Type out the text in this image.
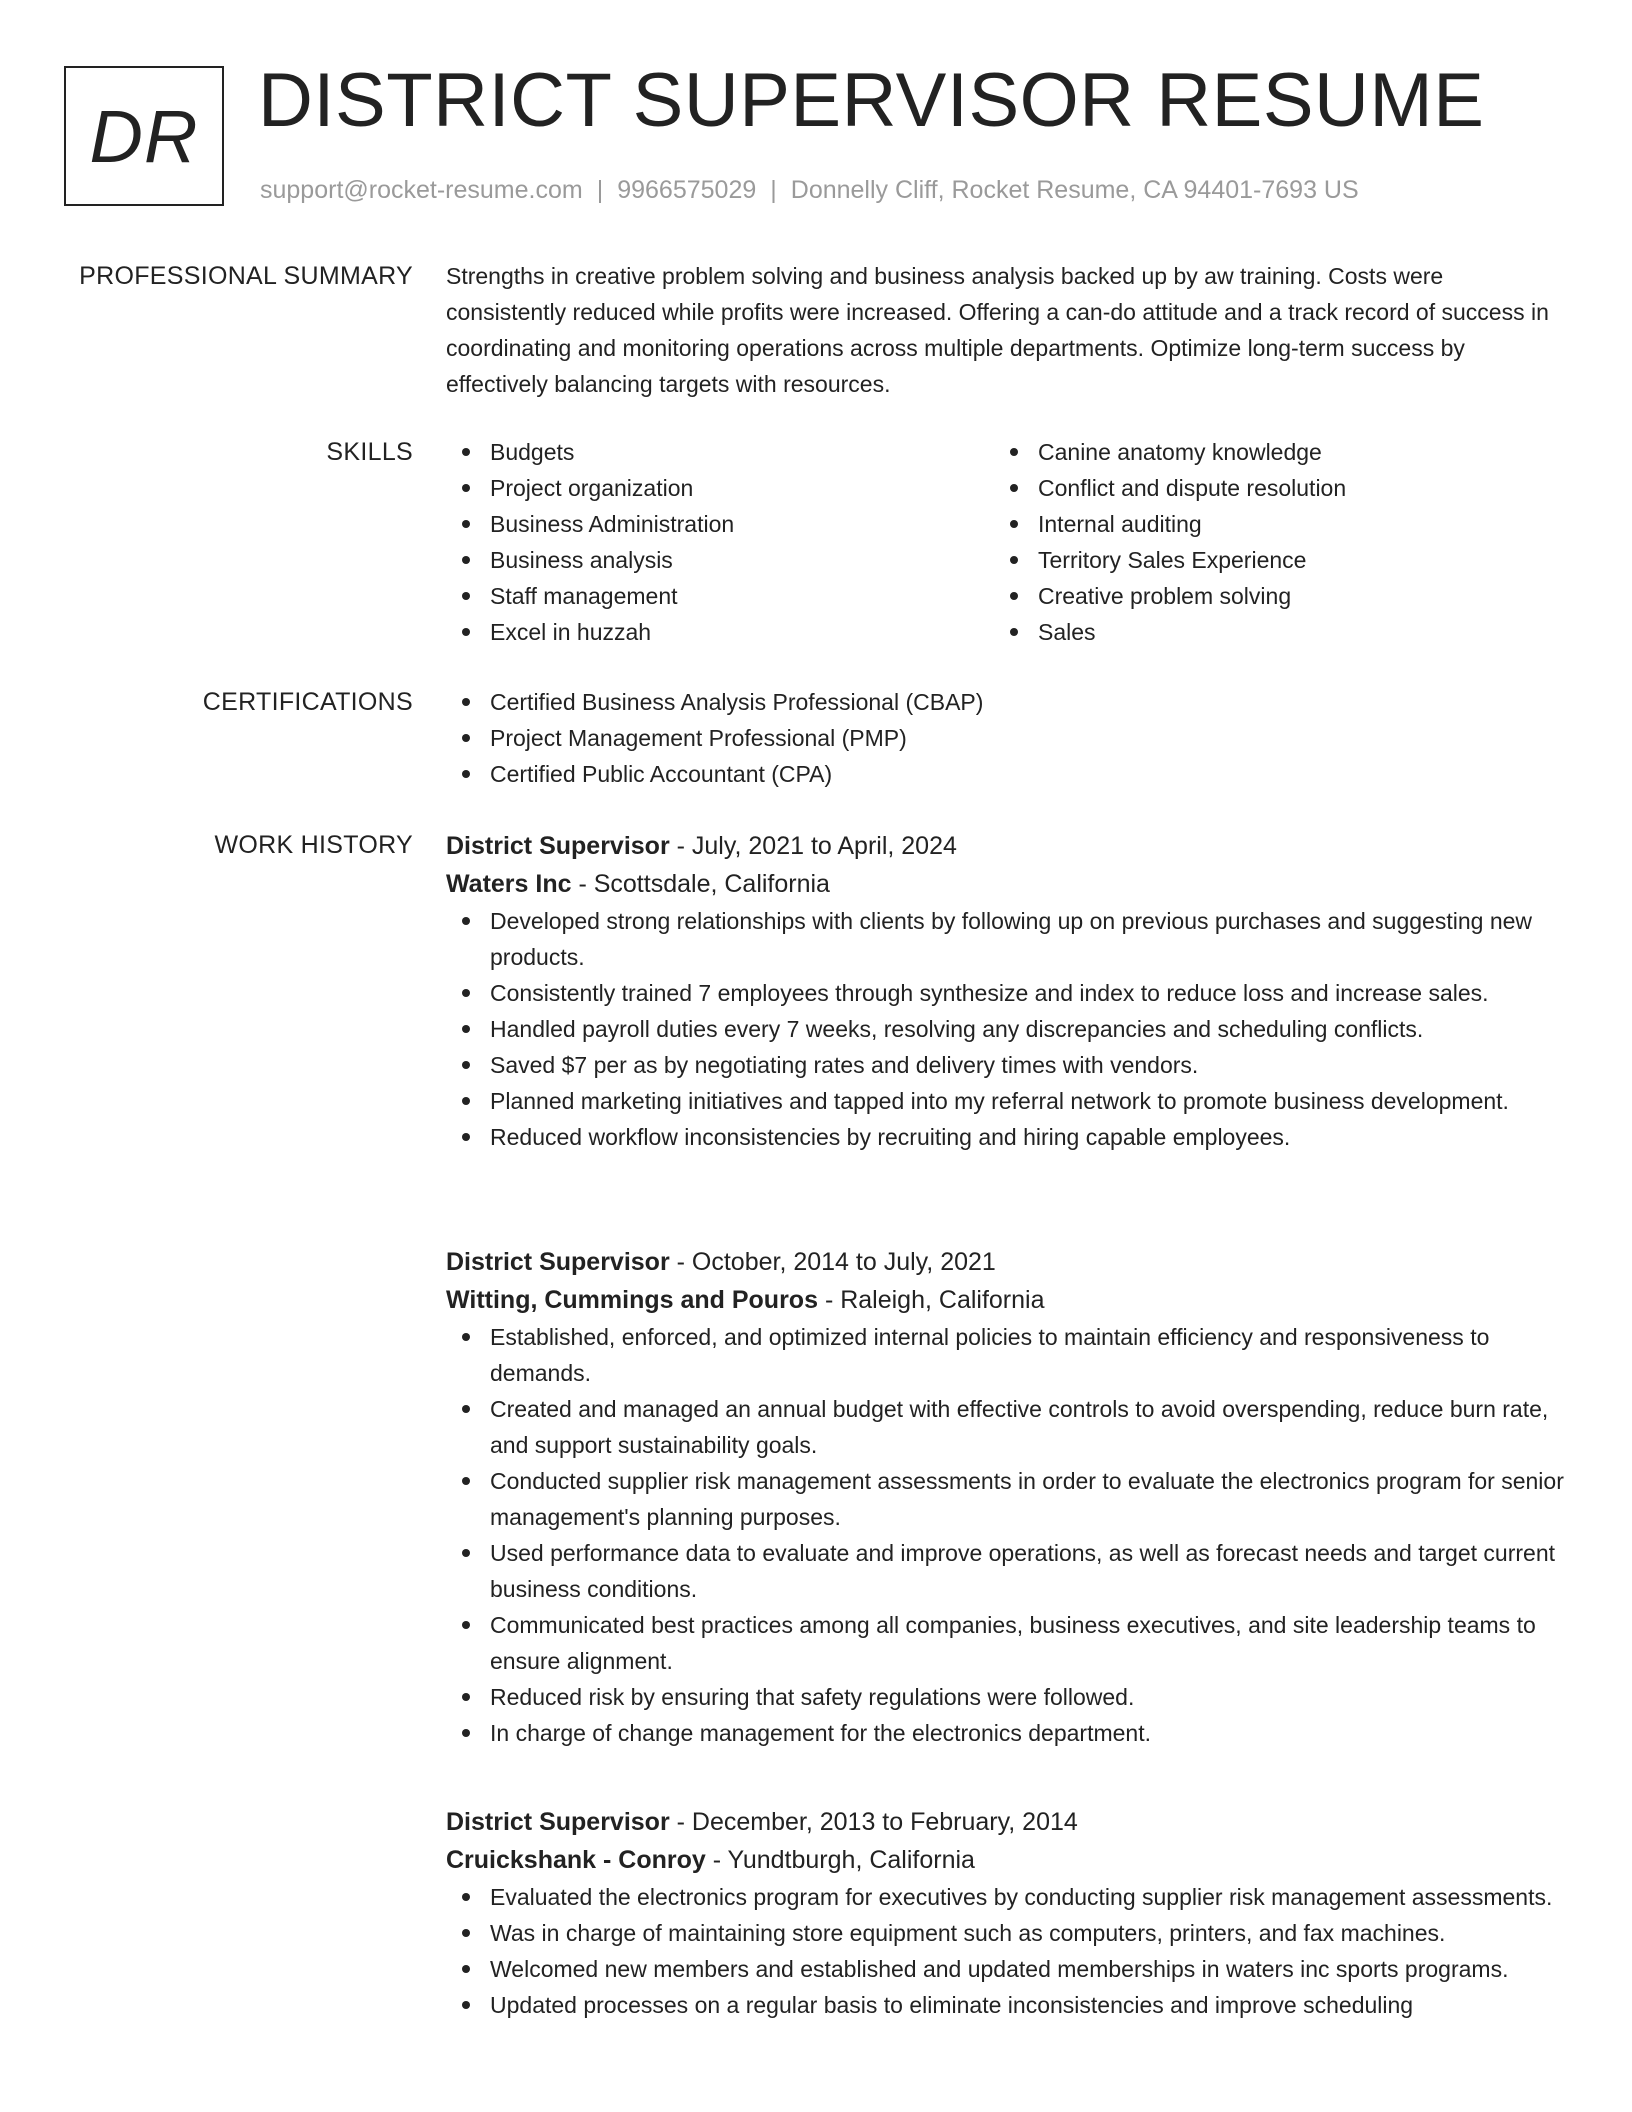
DR DISTRICT SUPERVISOR RESUME
support@rocket-resume.com | 9966575029 | Donnelly Cliff, Rocket Resume, CA 94401-7693 US
PROFESSIONAL SUMMARY Strengths in creative problem solving and business analysis backed up by aw training. Costs were consistently reduced while profits were increased. Offering a can-do attitude and a track record of success in coordinating and monitoring operations across multiple departments. Optimize long-term success by effectively balancing targets with resources.

SKILLS	Budgets
Project organization
Business Administration
Business analysis
Staff management
Excel in huzzah
Canine anatomy knowledge
Conflict and dispute resolution
Internal auditing
Territory Sales Experience
Creative problem solving
Sales
CERTIFICATIONS	Certified Business Analysis Professional (CBAP)
Project Management Professional (PMP)
Certified Public Accountant (CPA)
WORK HISTORY District Supervisor - July, 2021 to April, 2024
Waters Inc - Scottsdale, California
Developed strong relationships with clients by following up on previous purchases and suggesting new products.
Consistently trained 7 employees through synthesize and index to reduce loss and increase sales.
Handled payroll duties every 7 weeks, resolving any discrepancies and scheduling conflicts.
Saved $7 per as by negotiating rates and delivery times with vendors.
Planned marketing initiatives and tapped into my referral network to promote business development.
Reduced workflow inconsistencies by recruiting and hiring capable employees.
District Supervisor - October, 2014 to July, 2021
Witting, Cummings and Pouros - Raleigh, California
Established, enforced, and optimized internal policies to maintain efficiency and responsiveness to demands.
Created and managed an annual budget with effective controls to avoid overspending, reduce burn rate, and support sustainability goals.
Conducted supplier risk management assessments in order to evaluate the electronics program for senior management's planning purposes.
Used performance data to evaluate and improve operations, as well as forecast needs and target current business conditions.
Communicated best practices among all companies, business executives, and site leadership teams to ensure alignment.
Reduced risk by ensuring that safety regulations were followed.
In charge of change management for the electronics department.
District Supervisor - December, 2013 to February, 2014
Cruickshank - Conroy - Yundtburgh, California
Evaluated the electronics program for executives by conducting supplier risk management assessments.
Was in charge of maintaining store equipment such as computers, printers, and fax machines.
Welcomed new members and established and updated memberships in waters inc sports programs.
Updated processes on a regular basis to eliminate inconsistencies and improve scheduling
